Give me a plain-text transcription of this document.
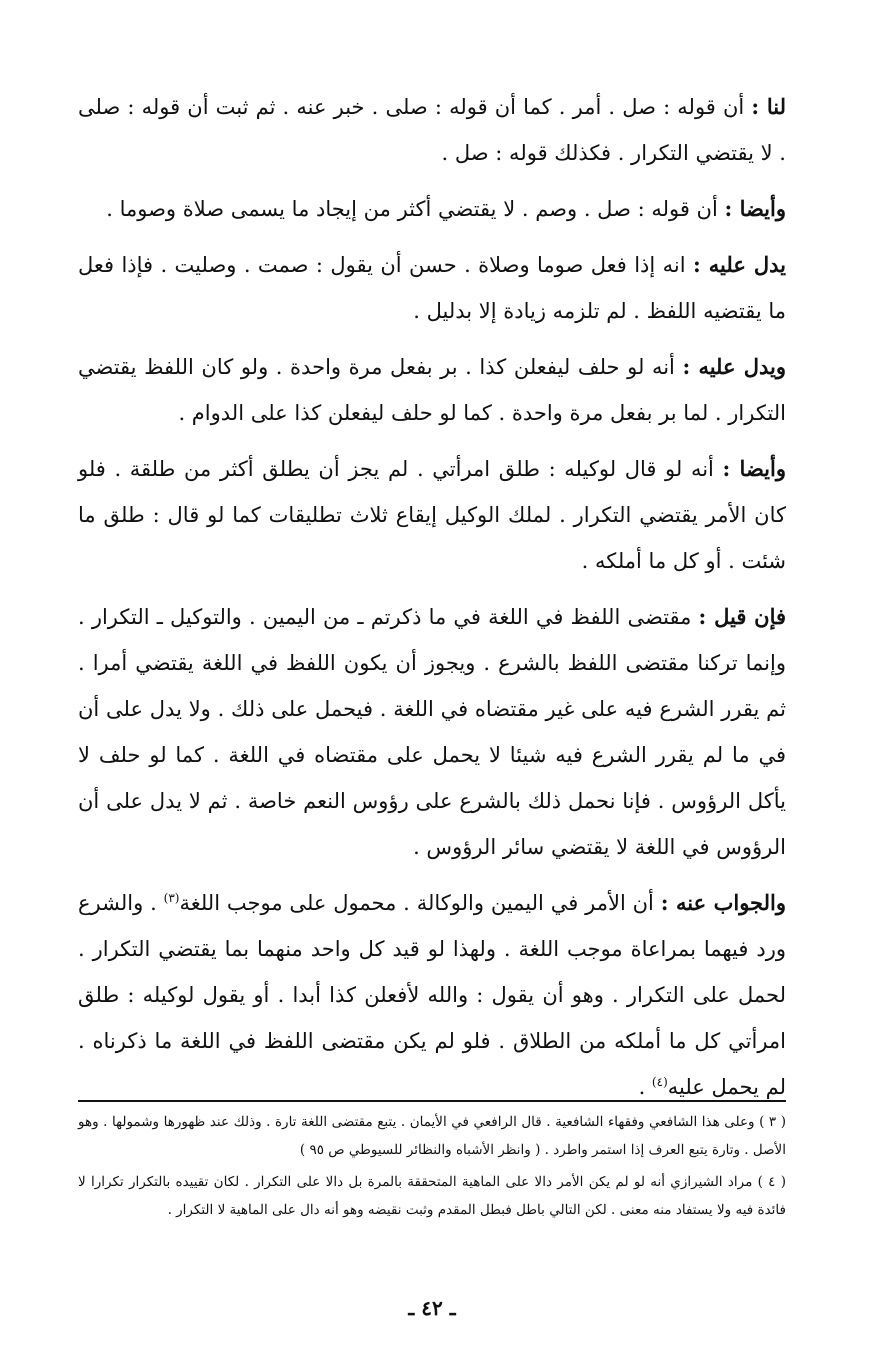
لنا : أن قوله : صل . أمر . كما أن قوله : صلى . خبر عنه . ثم ثبت أن قوله : صلى . لا يقتضي التكرار . فكذلك قوله : صل .

وأيضا : أن قوله : صل . وصم . لا يقتضي أكثر من إيجاد ما يسمى صلاة وصوما .

يدل عليه : انه إذا فعل صوما وصلاة . حسن أن يقول : صمت . وصليت . فإذا فعل ما يقتضيه اللفظ . لم تلزمه زيادة إلا بدليل .

ويدل عليه : أنه لو حلف ليفعلن كذا . بر بفعل مرة واحدة . ولو كان اللفظ يقتضي التكرار . لما بر بفعل مرة واحدة . كما لو حلف ليفعلن كذا على الدوام .

وأيضا : أنه لو قال لوكيله : طلق امرأتي . لم يجز أن يطلق أكثر من طلقة . فلو كان الأمر يقتضي التكرار . لملك الوكيل إيقاع ثلاث تطليقات كما لو قال : طلق ما شئت . أو كل ما أملكه .

فإن قيل : مقتضى اللفظ في اللغة في ما ذكرتم ـ من اليمين . والتوكيل ـ التكرار . وإنما تركنا مقتضى اللفظ بالشرع . ويجوز أن يكون اللفظ في اللغة يقتضي أمرا . ثم يقرر الشرع فيه على غير مقتضاه في اللغة . فيحمل على ذلك . ولا يدل على أن في ما لم يقرر الشرع فيه شيئا لا يحمل على مقتضاه في اللغة . كما لو حلف لا يأكل الرؤوس . فإنا نحمل ذلك بالشرع على رؤوس النعم خاصة . ثم لا يدل على أن الرؤوس في اللغة لا يقتضي سائر الرؤوس .

والجواب عنه : أن الأمر في اليمين والوكالة . محمول على موجب اللغة$^{(٣)}$ . والشرع ورد فيهما بمراعاة موجب اللغة . ولهذا لو قيد كل واحد منهما بما يقتضي التكرار . لحمل على التكرار . وهو أن يقول : والله لأفعلن كذا أبدا . أو يقول لوكيله : طلق امرأتي كل ما أملكه من الطلاق . فلو لم يكن مقتضى اللفظ في اللغة ما ذكرناه . لم يحمل عليه$^{(٤)}$ .

( ٣ ) وعلى هذا الشافعي وفقهاء الشافعية . قال الرافعي في الأيمان . يتبع مقتضى اللغة تارة . وذلك عند ظهورها وشمولها . وهو الأصل . وتارة يتبع العرف إذا استمر واطرد . ( وانظر الأشباه والنظائر للسيوطي ص ٩٥ )

( ٤ ) مراد الشيرازي أنه لو لم يكن الأمر دالا على الماهية المتحققة بالمرة بل دالا على التكرار . لكان تقييده بالتكرار تكرارا لا فائدة فيه ولا يستفاد منه معنى . لكن التالي باطل فبطل المقدم وثبت نقيضه وهو أنه دال على الماهية لا التكرار .

ـ ٤٢ ـ
